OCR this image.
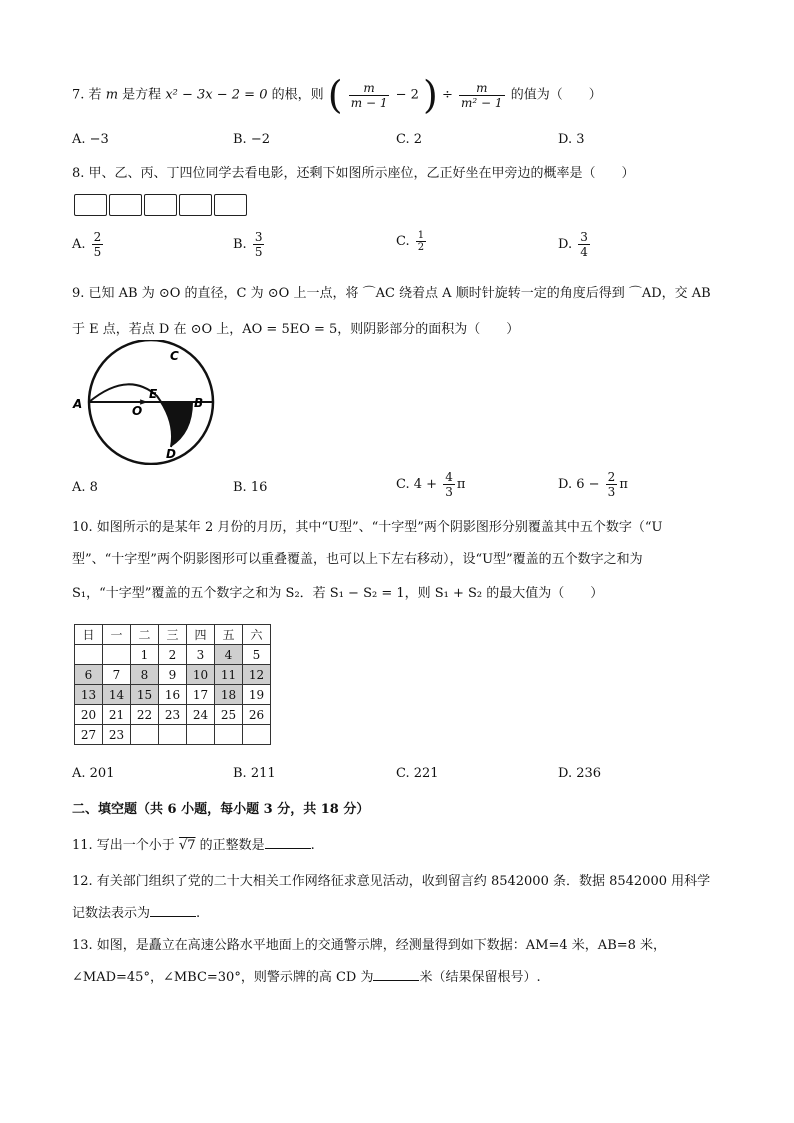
7. 若 m 是方程 x² − 3x − 2 = 0 的根，则 ( $\frac{m}{m - 1} - 2$ ) ÷ $\frac{m}{\text{m² − 1}}$ 的值为（　　）
A. −3	B. −2	C. 2	D. 3
8. 甲、乙、丙、丁四位同学去看电影，还剩下如图所示座位，乙正好坐在甲旁边的概率是（　　）
A. $\frac{2}{5}$	B. $\frac{3}{5}$	C. $\frac{1}{2}$	D. $\frac{3}{4}$
9. 已知 AB 为 ⊙O 的直径，C 为 ⊙O 上一点，将 ⌒AC 绕着点 A 顺时针旋转一定的角度后得到 ⌒AD，交 AB
于 E 点，若点 D 在 ⊙O 上，AO = 5EO = 5，则阴影部分的面积为（　　）
A	O
E
B
C
D
A. 8	B. 16	C. $4 + \frac{4}{3}$ π	D. $6 - \frac{2}{3}$ π
10. 如图所示的是某年 2 月份的月历，其中“U型”、“十字型”两个阴影图形分别覆盖其中五个数字（“U
型”、“十字型”两个阴影图形可以重叠覆盖，也可以上下左右移动），设“U型”覆盖的五个数字之和为
S₁，“十字型”覆盖的五个数字之和为 S₂．若 S₁ − S₂ = 1，则 S₁ + S₂ 的最大值为（　　）
日	一	二	三	四	五	六
		1	2	3	4	5
6	7	8	9	10	11	12
13	14	15	16	17	18	19
20	21	22	23	24	25	26
27	23					
A. 201	B. 211	C. 221	D. 236
二、填空题（共 6 小题，每小题 3 分，共 18 分）
11. 写出一个小于 √7 的正整数是	.
12. 有关部门组织了党的二十大相关工作网络征求意见活动，收到留言约 8542000 条．数据 8542000 用科学
记数法表示为	.
13. 如图，是矗立在高速公路水平地面上的交通警示牌，经测量得到如下数据：AM=4 米，AB=8 米，
∠MAD=45°，∠MBC=30°，则警示牌的高 CD 为	米（结果保留根号）.
